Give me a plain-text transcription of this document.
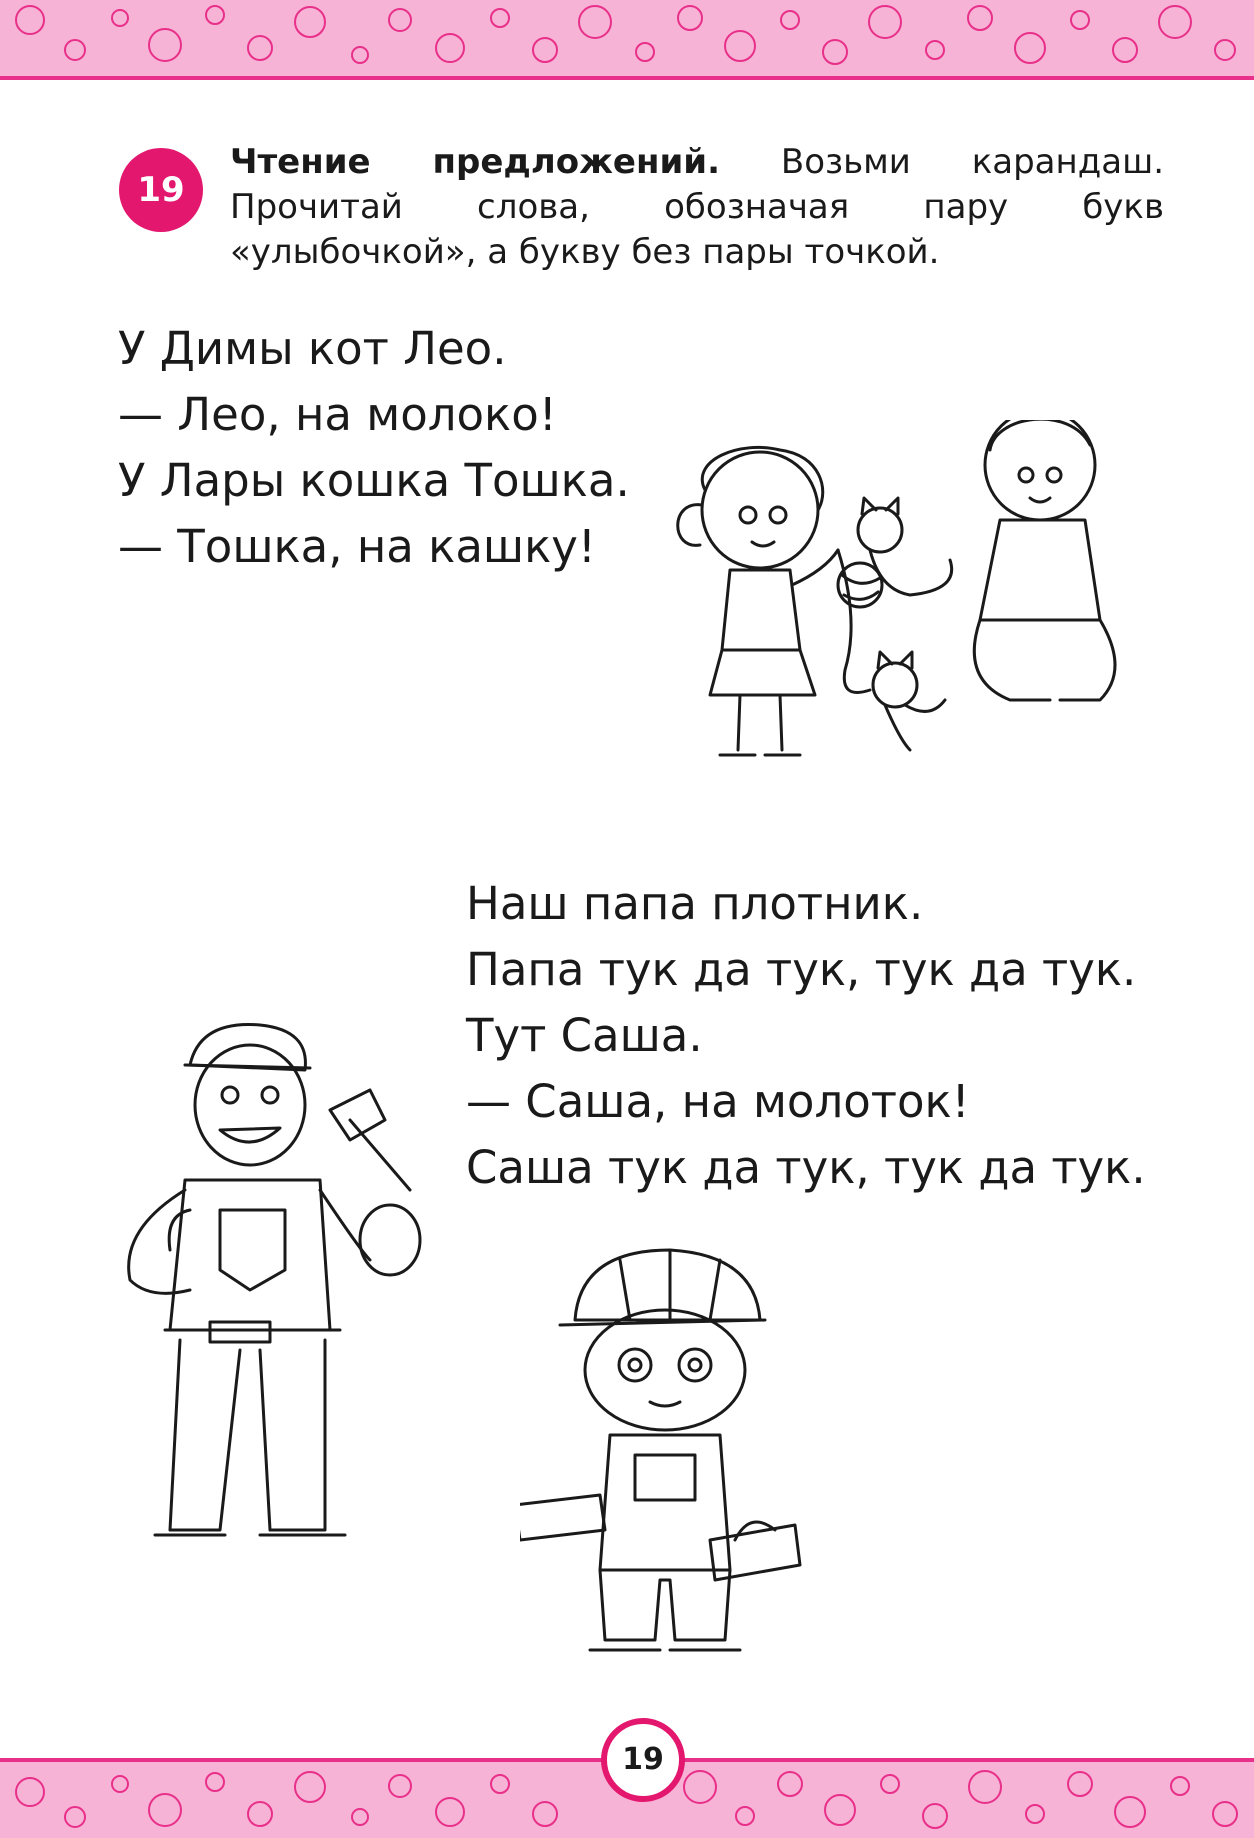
19
Чтение предложений. Возьми карандаш. Прочитай слова, обозначая пару букв «улыбочкой», а букву без пары точкой.
У Димы кот Лео.
— Лео, на молоко!
У Лары кошка Тошка.
— Тошка, на кашку!
Наш папа плотник.
Папа тук да тук, тук да тук.
Тут Саша.
— Саша, на молоток!
Саша тук да тук, тук да тук.
19
